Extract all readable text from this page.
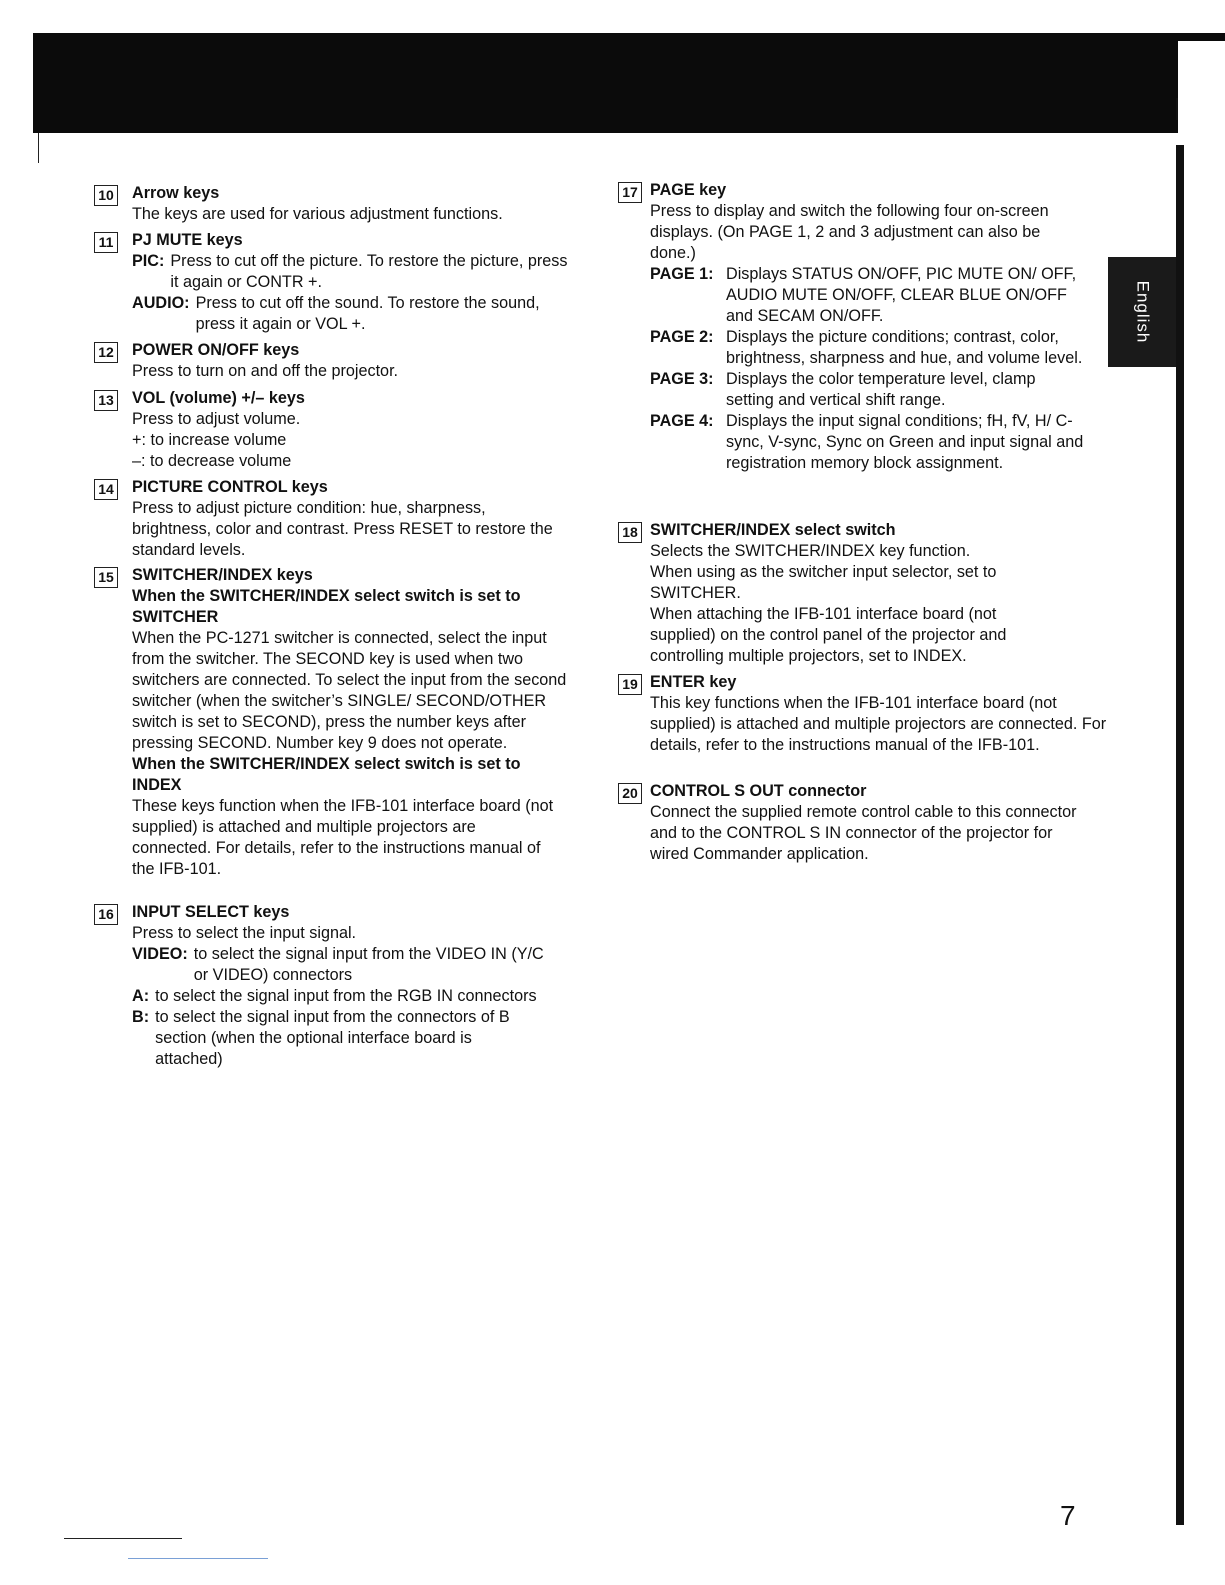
English
10 Arrow keys

The keys are used for various adjustment functions.

11 PJ MUTE keys
PIC: Press to cut off the picture. To restore the picture, press it again or CONTR +.
AUDIO: Press to cut off the sound. To restore the sound, press it again or VOL +.
12 POWER ON/OFF keys

Press to turn on and off the projector.

13 VOL (volume) +/– keys

Press to adjust volume.

+: to increase volume

–: to decrease volume

14 PICTURE CONTROL keys

Press to adjust picture condition: hue, sharpness, brightness, color and contrast. Press RESET to restore the standard levels.

15 SWITCHER/INDEX keys

When the SWITCHER/INDEX select switch is set to SWITCHER

When the PC-1271 switcher is connected, select the input from the switcher. The SECOND key is used when two switchers are connected. To select the input from the second switcher (when the switcher’s SINGLE/ SECOND/OTHER switch is set to SECOND), press the number keys after pressing SECOND. Number key 9 does not operate.

When the SWITCHER/INDEX select switch is set to INDEX

These keys function when the IFB-101 interface board (not supplied) is attached and multiple projectors are connected. For details, refer to the instructions manual of the IFB-101.

16 INPUT SELECT keys

Press to select the input signal.

VIDEO: to select the signal input from the VIDEO IN (Y/C or VIDEO) connectors
A: to select the signal input from the RGB IN connectors
B: to select the signal input from the connectors of B section (when the optional interface board is attached)
17 PAGE key

Press to display and switch the following four on-screen displays. (On PAGE 1, 2 and 3 adjustment can also be done.)

PAGE 1: Displays STATUS ON/OFF, PIC MUTE ON/ OFF, AUDIO MUTE ON/OFF, CLEAR BLUE ON/OFF and SECAM ON/OFF.
PAGE 2: Displays the picture conditions; contrast, color, brightness, sharpness and hue, and volume level.
PAGE 3: Displays the color temperature level, clamp setting and vertical shift range.
PAGE 4: Displays the input signal conditions; fH, fV, H/ C-sync, V-sync, Sync on Green and input signal and registration memory block assignment.
18 SWITCHER/INDEX select switch

Selects the SWITCHER/INDEX key function.

When using as the switcher input selector, set to SWITCHER.

When attaching the IFB-101 interface board (not supplied) on the control panel of the projector and controlling multiple projectors, set to INDEX.

19 ENTER key

This key functions when the IFB-101 interface board (not supplied) is attached and multiple projectors are connected. For details, refer to the instructions manual of the IFB-101.

20 CONTROL S OUT connector

Connect the supplied remote control cable to this connector and to the CONTROL S IN connector of the projector for wired Commander application.

7
